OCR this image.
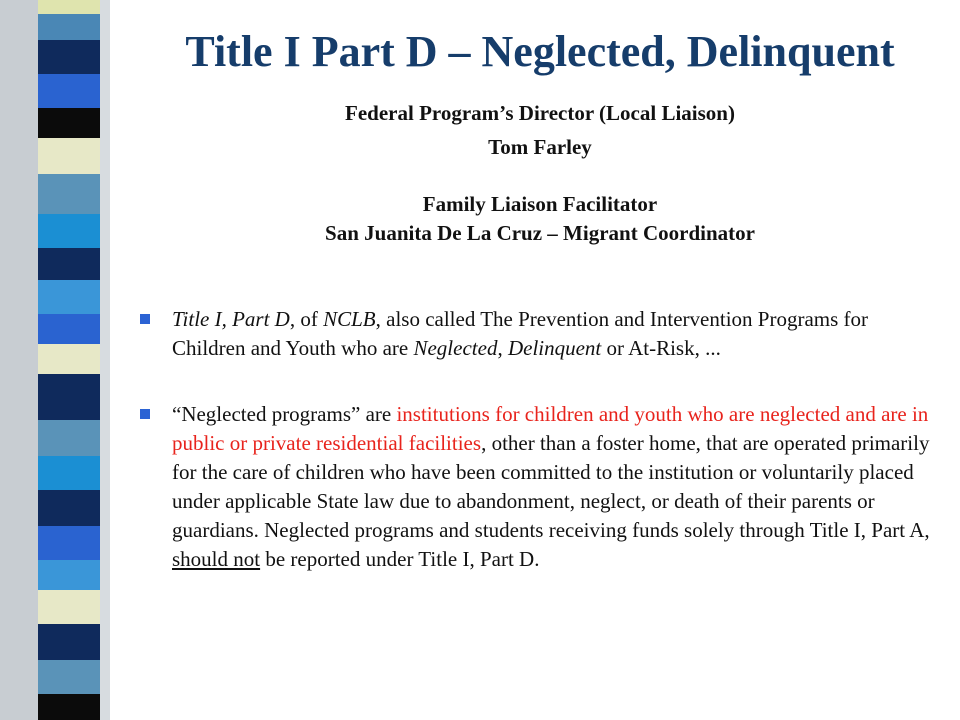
Title I Part D – Neglected, Delinquent

Federal Program’s Director (Local Liaison)

Tom Farley

Family Liaison Facilitator

San Juanita De La Cruz – Migrant Coordinator

Title I, Part D, of NCLB, also called The Prevention and Intervention Programs for Children and Youth who are Neglected, Delinquent or At-Risk, ...
“Neglected programs” are institutions for children and youth who are neglected and are in public or private residential facilities, other than a foster home, that are operated primarily for the care of children who have been committed to the institution or voluntarily placed under applicable State law due to abandonment, neglect, or death of their parents or guardians. Neglected programs and students receiving funds solely through Title I, Part A, should not be reported under Title I, Part D.
